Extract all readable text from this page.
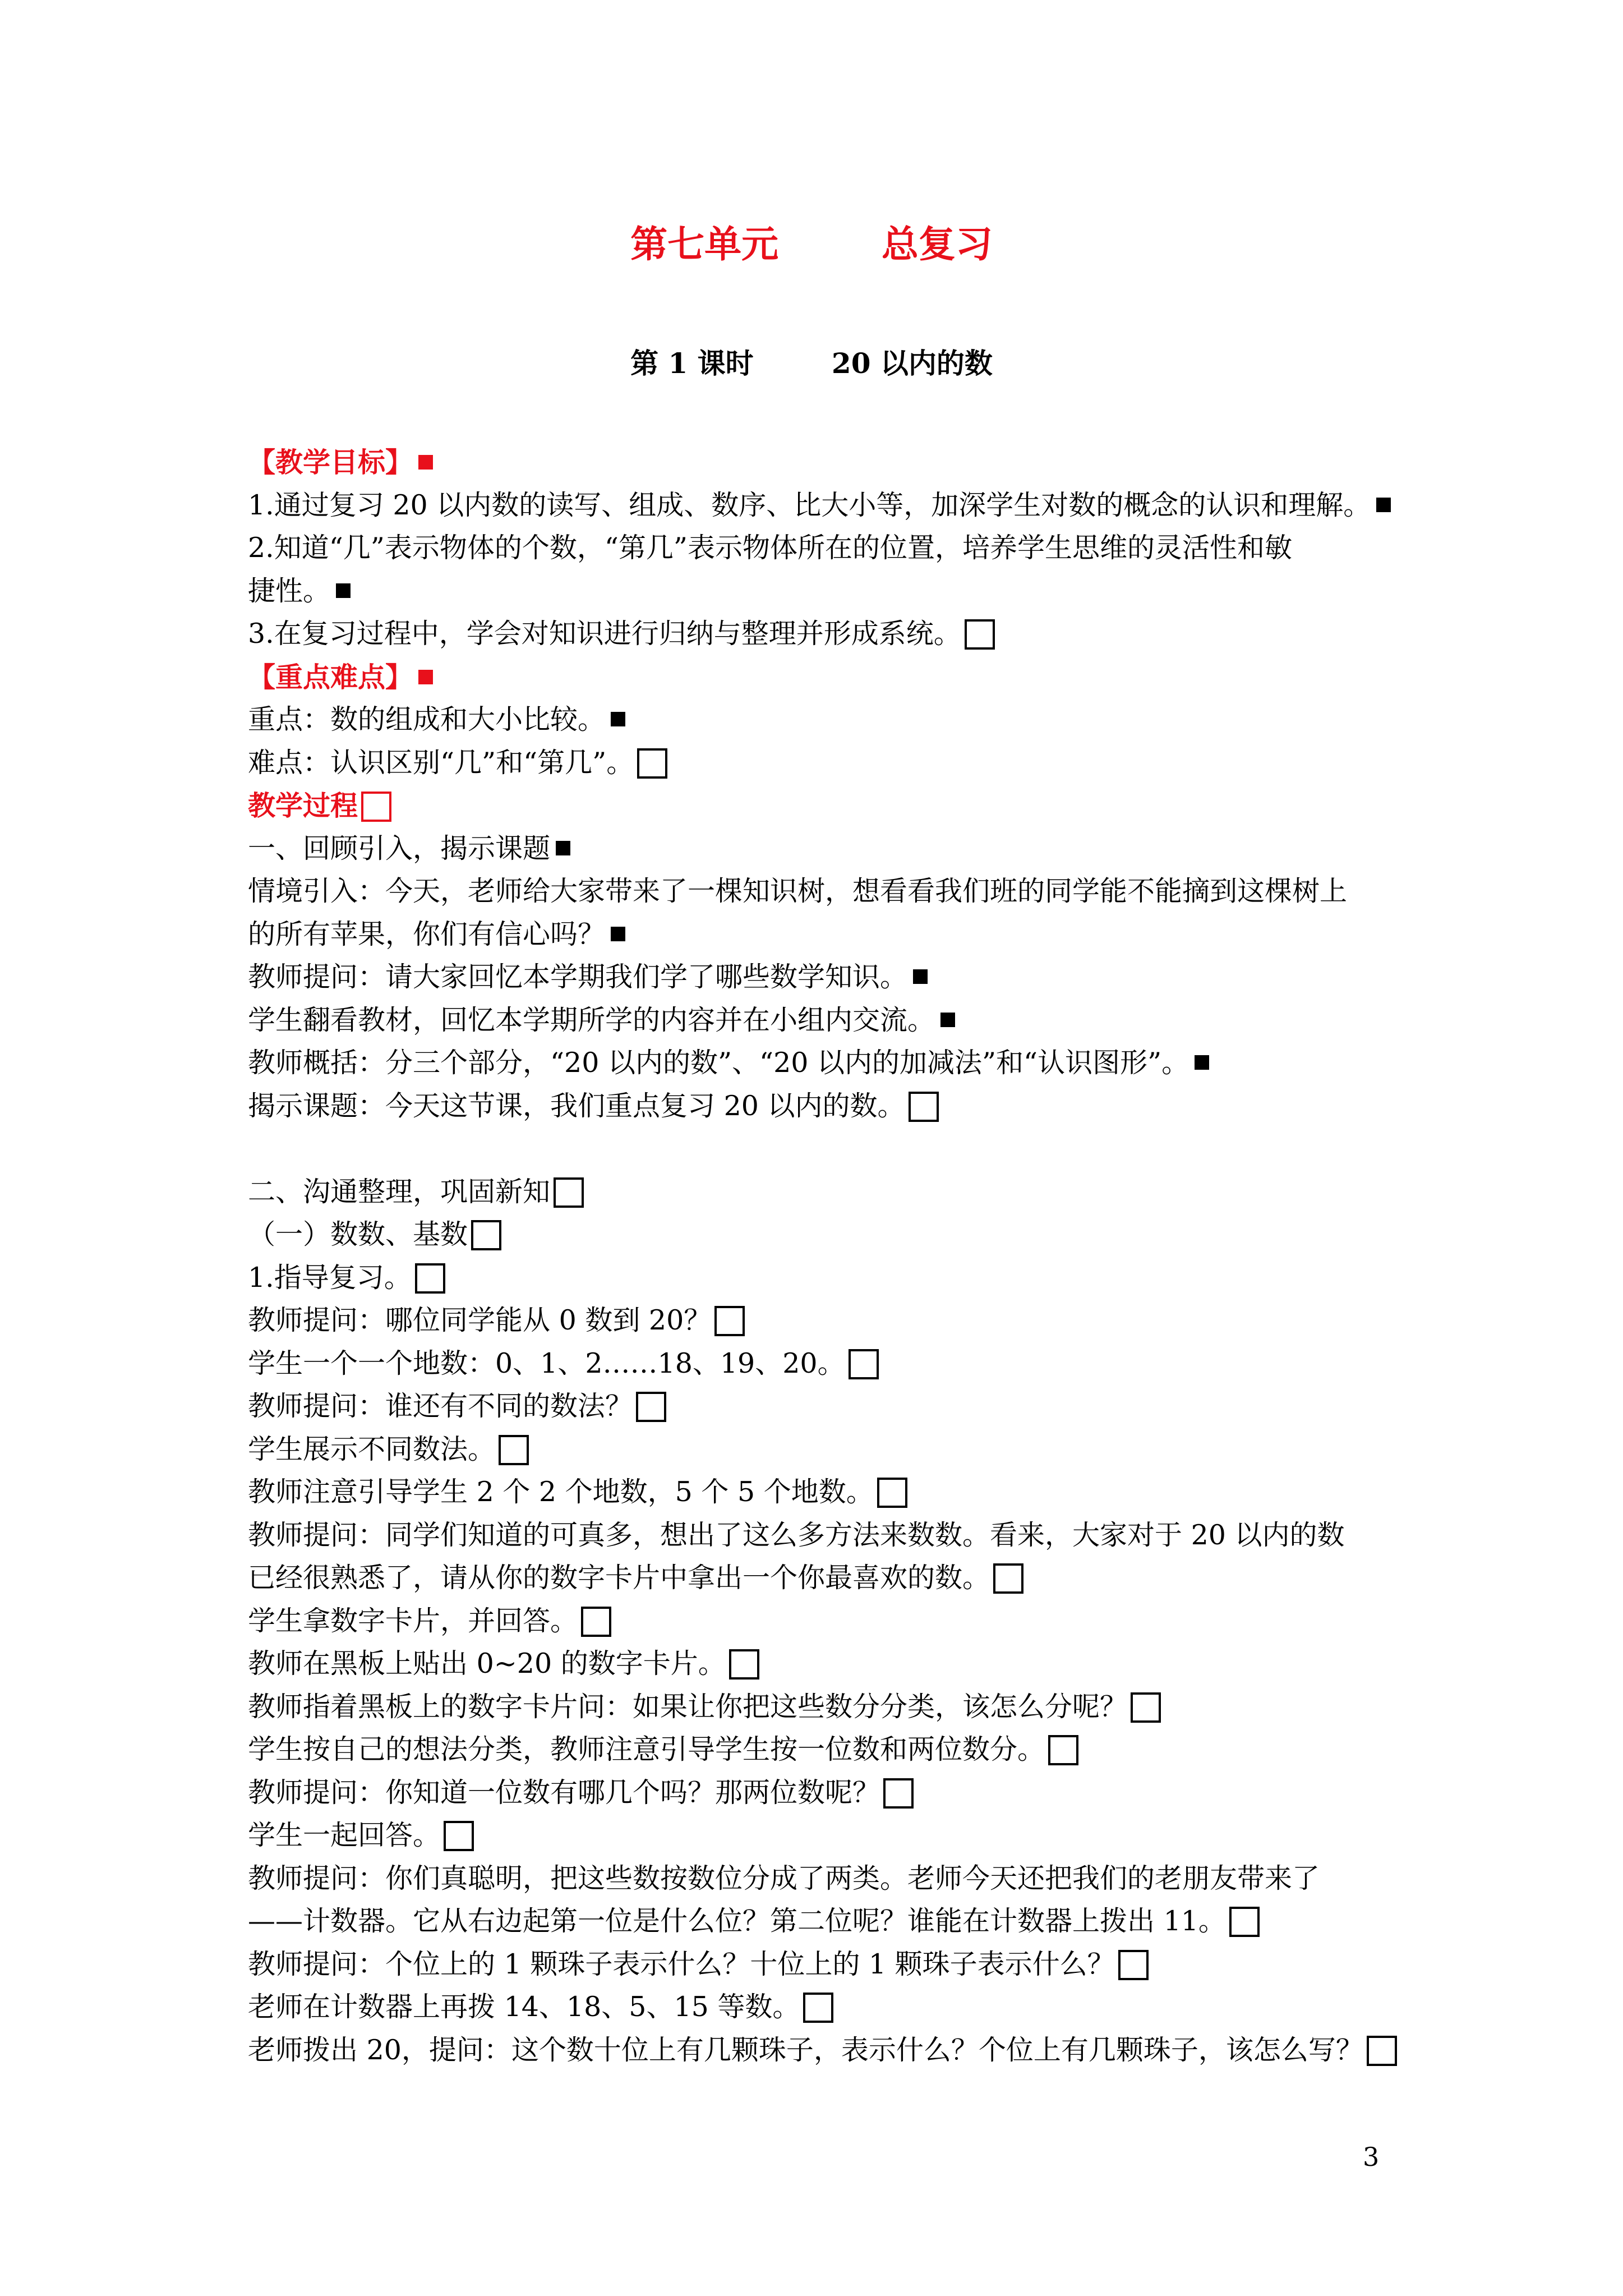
第七单元        总复习
第 1 课时        20 以内的数
【教学目标】
1.通过复习 20 以内数的读写、组成、数序、比大小等，加深学生对数的概念的认识和理解。
2.知道“几”表示物体的个数，“第几”表示物体所在的位置，培养学生思维的灵活性和敏
捷性。
3.在复习过程中，学会对知识进行归纳与整理并形成系统。
【重点难点】
重点：数的组成和大小比较。
难点：认识区别“几”和“第几”。
教学过程
一、回顾引入，揭示课题
情境引入：今天，老师给大家带来了一棵知识树，想看看我们班的同学能不能摘到这棵树上
的所有苹果，你们有信心吗？
教师提问：请大家回忆本学期我们学了哪些数学知识。
学生翻看教材，回忆本学期所学的内容并在小组内交流。
教师概括：分三个部分，“20 以内的数”、“20 以内的加减法”和“认识图形”。
揭示课题：今天这节课，我们重点复习 20 以内的数。
二、沟通整理，巩固新知
（一）数数、基数
1.指导复习。
教师提问：哪位同学能从 0 数到 20？
学生一个一个地数：0、1、2……18、19、20。
教师提问：谁还有不同的数法？
学生展示不同数法。
教师注意引导学生 2 个 2 个地数，5 个 5 个地数。
教师提问：同学们知道的可真多，想出了这么多方法来数数。看来，大家对于 20 以内的数
已经很熟悉了，请从你的数字卡片中拿出一个你最喜欢的数。
学生拿数字卡片，并回答。
教师在黑板上贴出 0~20 的数字卡片。
教师指着黑板上的数字卡片问：如果让你把这些数分分类，该怎么分呢？
学生按自己的想法分类，教师注意引导学生按一位数和两位数分。
教师提问：你知道一位数有哪几个吗？那两位数呢？
学生一起回答。
教师提问：你们真聪明，把这些数按数位分成了两类。老师今天还把我们的老朋友带来了
——计数器。它从右边起第一位是什么位？第二位呢？谁能在计数器上拨出 11。
教师提问：个位上的 1 颗珠子表示什么？十位上的 1 颗珠子表示什么？
老师在计数器上再拨 14、18、5、15 等数。
老师拨出 20，提问：这个数十位上有几颗珠子，表示什么？个位上有几颗珠子，该怎么写？
3
